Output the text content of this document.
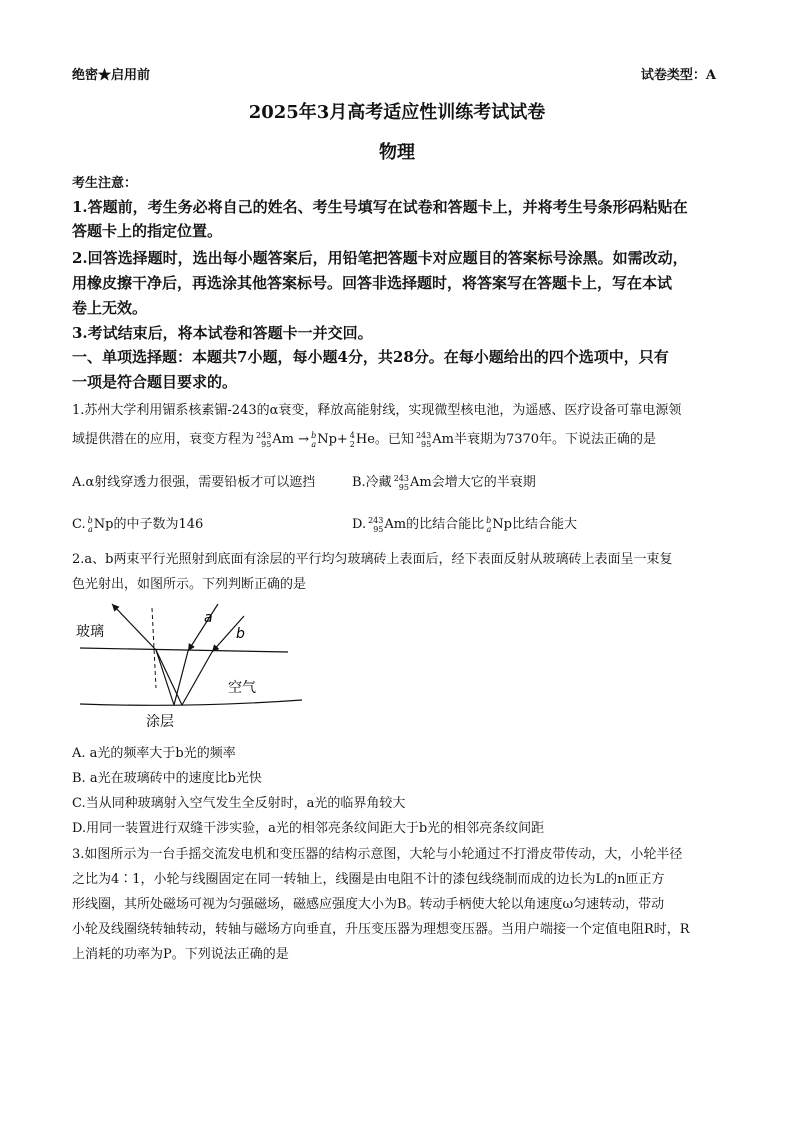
绝密★启用前	试卷类型：A
2025年3月高考适应性训练考试试卷
物理
考生注意：
1.答题前，考生务必将自己的姓名、考生号填写在试卷和答题卡上，并将考生号条形码粘贴在
答题卡上的指定位置。
2.回答选择题时，选出每小题答案后，用铅笔把答题卡对应题目的答案标号涂黑。如需改动，
用橡皮擦干净后，再选涂其他答案标号。回答非选择题时，将答案写在答题卡上，写在本试
卷上无效。
3.考试结束后，将本试卷和答题卡一并交回。
一、单项选择题：本题共7小题，每小题4分，共28分。在每小题给出的四个选项中，只有
一项是符合题目要求的。
1.苏州大学利用镅系核素镅-243的α衰变，释放高能射线，实现微型核电池，为遥感、医疗设备可靠电源领
域提供潜在的应用，衰变方程为 243
95 Am → b
a Np+ 4
2 He。已知 243
95 Am半衰期为7370年。下说法正确的是
A.α射线穿透力很强，需要铅板才可以遮挡	B.冷藏 243
95 Am会增大它的半衰期
C. b
a Np的中子数为146	D. 243
95 Am的比结合能比 b
a Np比结合能大
2.a、b两束平行光照射到底面有涂层的平行均匀玻璃砖上表面后，经下表面反射从玻璃砖上表面呈一束复
色光射出，如图所示。下列判断正确的是
玻璃
空气
涂层
a
b
A. a光的频率大于b光的频率
B. a光在玻璃砖中的速度比b光快
C.当从同种玻璃射入空气发生全反射时，a光的临界角较大
D.用同一装置进行双缝干涉实验，a光的相邻亮条纹间距大于b光的相邻亮条纹间距
3.如图所示为一台手摇交流发电机和变压器的结构示意图，大轮与小轮通过不打滑皮带传动，大，小轮半径
之比为4∶1，小轮与线圈固定在同一转轴上，线圈是由电阻不计的漆包线绕制而成的边长为L的n匝正方
形线圈，其所处磁场可视为匀强磁场，磁感应强度大小为B。转动手柄使大轮以角速度ω匀速转动，带动
小轮及线圈绕转轴转动，转轴与磁场方向垂直，升压变压器为理想变压器。当用户端接一个定值电阻R时，R
上消耗的功率为P。下列说法正确的是
